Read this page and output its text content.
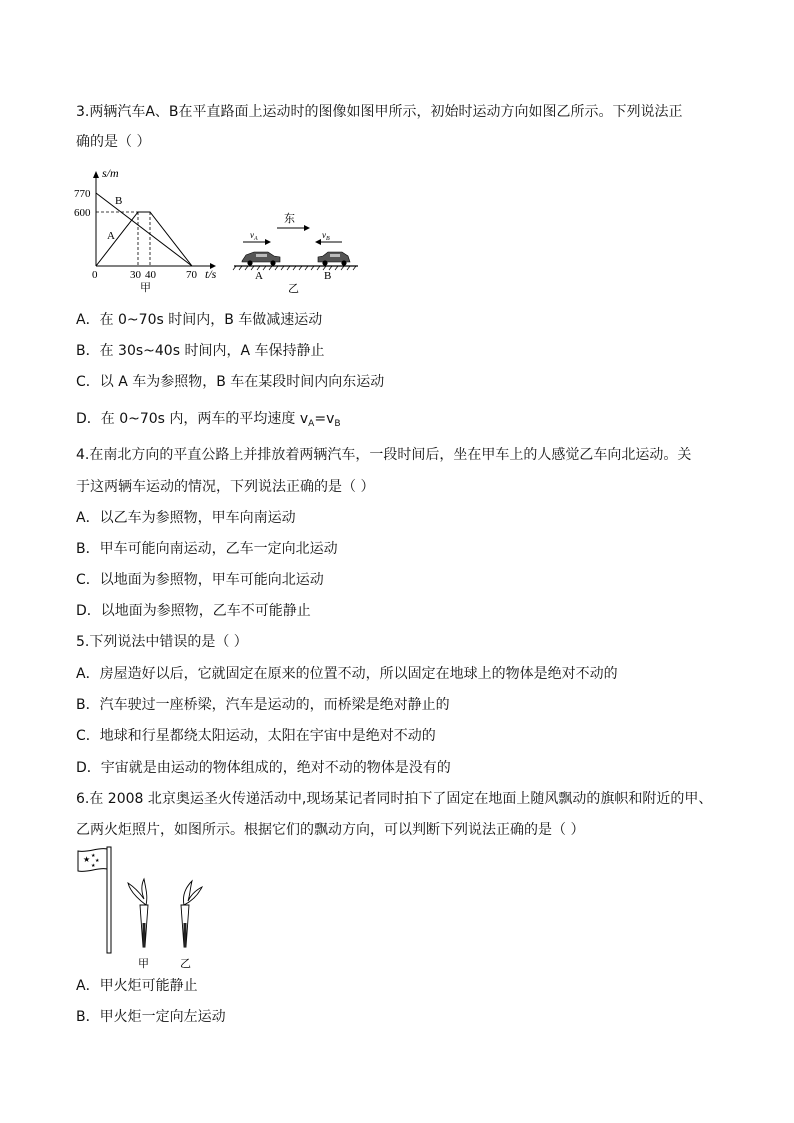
3.两辆汽车A、B在平直路面上运动时的图像如图甲所示，初始时运动方向如图乙所示。下列说法正
确的是（ ）
s/m
770
600
B
A
0	30 40	70 t/s
甲
东
$v_A$	$v_B$
A	B
乙
A．在 0~70s 时间内，B 车做减速运动
B．在 30s~40s 时间内，A 车保持静止
C．以 A 车为参照物，B 车在某段时间内向东运动
D．在 0~70s 内，两车的平均速度 $v_A=v_B$
4.在南北方向的平直公路上并排放着两辆汽车，一段时间后，坐在甲车上的人感觉乙车向北运动。关
于这两辆车运动的情况，下列说法正确的是（ ）
A．以乙车为参照物，甲车向南运动
B．甲车可能向南运动，乙车一定向北运动
C．以地面为参照物，甲车可能向北运动
D．以地面为参照物，乙车不可能静止
5.下列说法中错误的是（ ）
A．房屋造好以后，它就固定在原来的位置不动，所以固定在地球上的物体是绝对不动的
B．汽车驶过一座桥梁，汽车是运动的，而桥梁是绝对静止的
C．地球和行星都绕太阳运动，太阳在宇宙中是绝对不动的
D．宇宙就是由运动的物体组成的，绝对不动的物体是没有的
6.在 2008 北京奥运圣火传递活动中,现场某记者同时拍下了固定在地面上随风飘动的旗帜和附近的甲、
乙两火炬照片，如图所示。根据它们的飘动方向，可以判断下列说法正确的是（ ）
★ ★
★
★
甲	乙
A．甲火炬可能静止
B．甲火炬一定向左运动
